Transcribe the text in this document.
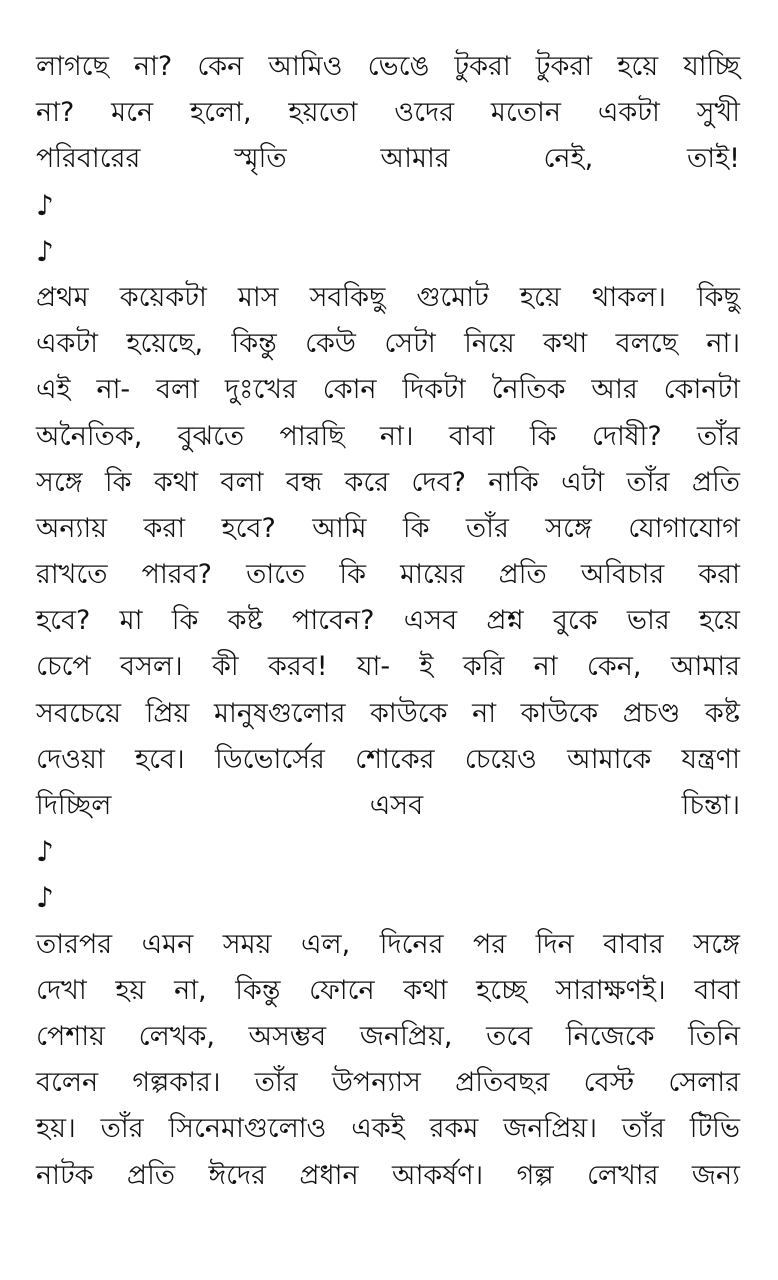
লাগছে না? কেন আমিও ভেঙে টুকরা টুকরা হয়ে যাচ্ছি
না? মনে হলো, হয়তো ওদের মতোন একটা সুখী
পরিবারের	স্মৃতি	আমার	নেই,	তাই!
♪
♪
প্রথম কয়েকটা মাস সবকিছু গুমোট হয়ে থাকল। কিছু
একটা হয়েছে, কিন্তু কেউ সেটা নিয়ে কথা বলছে না।
এই না- বলা দুঃখের কোন দিকটা নৈতিক আর কোনটা
অনৈতিক, বুঝতে পারছি না। বাবা কি দোষী? তাঁর
সঙ্গে কি কথা বলা বন্ধ করে দেব? নাকি এটা তাঁর প্রতি
অন্যায় করা হবে? আমি কি তাঁর সঙ্গে যোগাযোগ
রাখতে পারব? তাতে কি মায়ের প্রতি অবিচার করা
হবে? মা কি কষ্ট পাবেন? এসব প্রশ্ন বুকে ভার হয়ে
চেপে বসল। কী করব! যা- ই করি না কেন, আমার
সবচেয়ে প্রিয় মানুষগুলোর কাউকে না কাউকে প্রচণ্ড কষ্ট
দেওয়া হবে। ডিভোর্সের শোকের চেয়েও আমাকে যন্ত্রণা
দিচ্ছিল	এসব	চিন্তা।
♪
♪
তারপর এমন সময় এল, দিনের পর দিন বাবার সঙ্গে
দেখা হয় না, কিন্তু ফোনে কথা হচ্ছে সারাক্ষণই। বাবা
পেশায় লেখক, অসম্ভব জনপ্রিয়, তবে নিজেকে তিনি
বলেন গল্পকার। তাঁর উপন্যাস প্রতিবছর বেস্ট সেলার
হয়। তাঁর সিনেমাগুলোও একই রকম জনপ্রিয়। তাঁর টিভি
নাটক প্রতি ঈদের প্রধান আকর্ষণ। গল্প লেখার জন্য
